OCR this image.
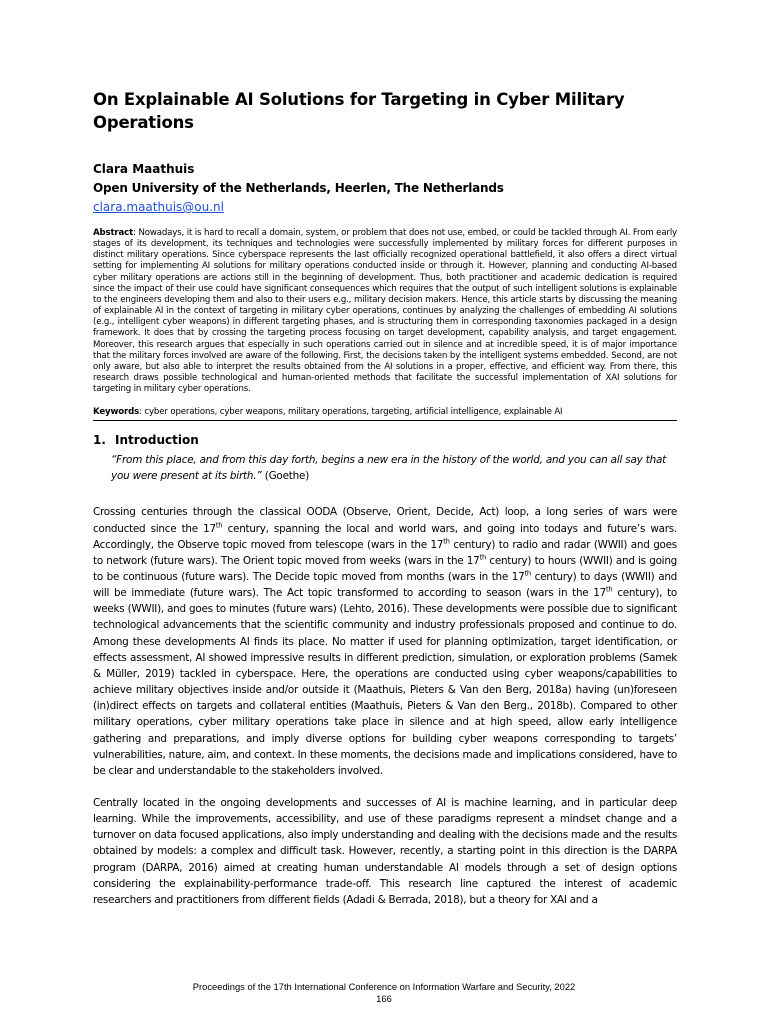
On Explainable AI Solutions for Targeting in Cyber Military Operations
Clara Maathuis
Open University of the Netherlands, Heerlen, The Netherlands
clara.maathuis@ou.nl

Abstract: Nowadays, it is hard to recall a domain, system, or problem that does not use, embed, or could be tackled through AI. From early stages of its development, its techniques and technologies were successfully implemented by military forces for different purposes in distinct military operations. Since cyberspace represents the last officially recognized operational battlefield, it also offers a direct virtual setting for implementing AI solutions for military operations conducted inside or through it. However, planning and conducting AI-based cyber military operations are actions still in the beginning of development. Thus, both practitioner and academic dedication is required since the impact of their use could have significant consequences which requires that the output of such intelligent solutions is explainable to the engineers developing them and also to their users e.g., military decision makers. Hence, this article starts by discussing the meaning of explainable AI in the context of targeting in military cyber operations, continues by analyzing the challenges of embedding AI solutions (e.g., intelligent cyber weapons) in different targeting phases, and is structuring them in corresponding taxonomies packaged in a design framework. It does that by crossing the targeting process focusing on target development, capability analysis, and target engagement. Moreover, this research argues that especially in such operations carried out in silence and at incredible speed, it is of major importance that the military forces involved are aware of the following. First, the decisions taken by the intelligent systems embedded. Second, are not only aware, but also able to interpret the results obtained from the AI solutions in a proper, effective, and efficient way. From there, this research draws possible technological and human-oriented methods that facilitate the successful implementation of XAI solutions for targeting in military cyber operations.

Keywords: cyber operations, cyber weapons, military operations, targeting, artificial intelligence, explainable AI

1. Introduction

“From this place, and from this day forth, begins a new era in the history of the world, and you can all say that you were present at its birth.” (Goethe)

Crossing centuries through the classical OODA (Observe, Orient, Decide, Act) loop, a long series of wars were conducted since the 17th century, spanning the local and world wars, and going into todays and future’s wars. Accordingly, the Observe topic moved from telescope (wars in the 17th century) to radio and radar (WWII) and goes to network (future wars). The Orient topic moved from weeks (wars in the 17th century) to hours (WWII) and is going to be continuous (future wars). The Decide topic moved from months (wars in the 17th century) to days (WWII) and will be immediate (future wars). The Act topic transformed to according to season (wars in the 17th century), to weeks (WWII), and goes to minutes (future wars) (Lehto, 2016). These developments were possible due to significant technological advancements that the scientific community and industry professionals proposed and continue to do. Among these developments AI finds its place. No matter if used for planning optimization, target identification, or effects assessment, AI showed impressive results in different prediction, simulation, or exploration problems (Samek & Müller, 2019) tackled in cyberspace. Here, the operations are conducted using cyber weapons/capabilities to achieve military objectives inside and/or outside it (Maathuis, Pieters & Van den Berg, 2018a) having (un)foreseen (in)direct effects on targets and collateral entities (Maathuis, Pieters & Van den Berg., 2018b). Compared to other military operations, cyber military operations take place in silence and at high speed, allow early intelligence gathering and preparations, and imply diverse options for building cyber weapons corresponding to targets’ vulnerabilities, nature, aim, and context. In these moments, the decisions made and implications considered, have to be clear and understandable to the stakeholders involved.

Centrally located in the ongoing developments and successes of AI is machine learning, and in particular deep learning. While the improvements, accessibility, and use of these paradigms represent a mindset change and a turnover on data focused applications, also imply understanding and dealing with the decisions made and the results obtained by models: a complex and difficult task. However, recently, a starting point in this direction is the DARPA program (DARPA, 2016) aimed at creating human understandable AI models through a set of design options considering the explainability-performance trade-off. This research line captured the interest of academic researchers and practitioners from different fields (Adadi & Berrada, 2018), but a theory for XAI and a

Proceedings of the 17th International Conference on Information Warfare and Security, 2022
166
